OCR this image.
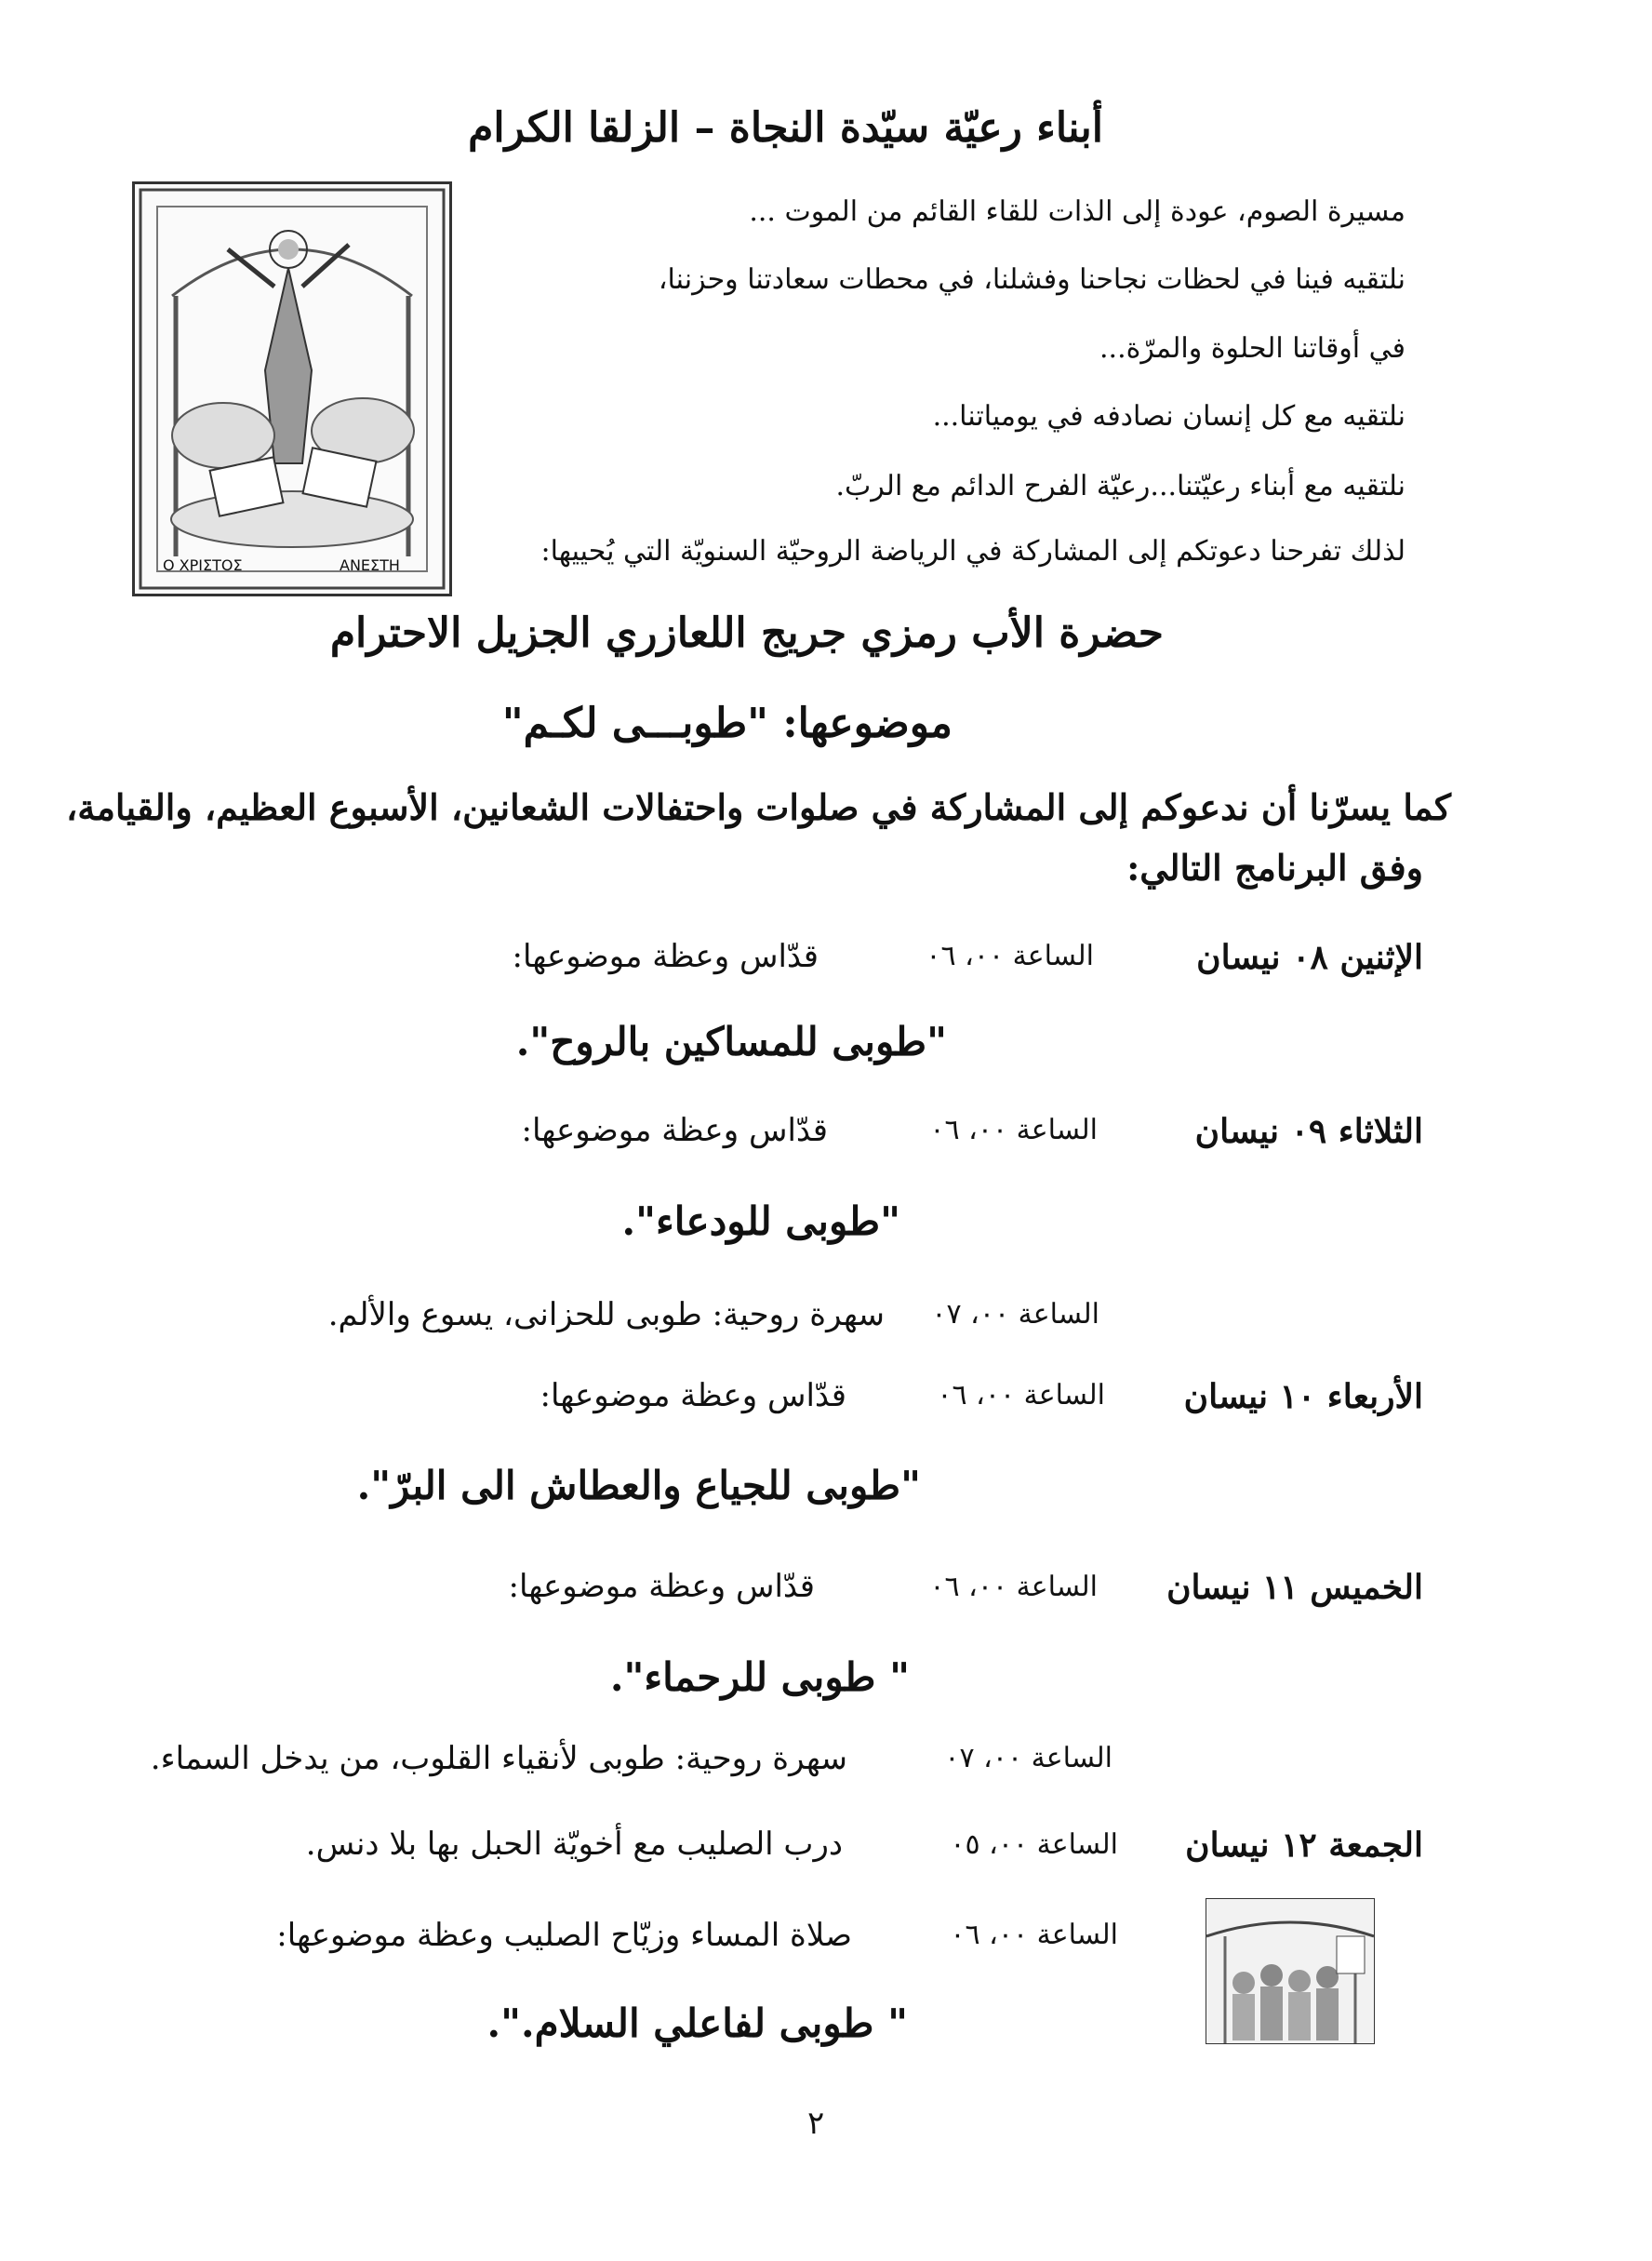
أبناء رعيّة سيّدة النجاة – الزلقا الكرام
Ο ΧΡΙΣΤΟΣ	ΑΝΕΣΤΗ
مسيرة الصوم، عودة إلى الذات للقاء القائم من الموت ...
نلتقيه فينا في لحظات نجاحنا وفشلنا، في محطات سعادتنا وحزننا،
في أوقاتنا الحلوة والمرّة...
نلتقيه مع كل إنسان نصادفه في يومياتنا...
نلتقيه مع أبناء رعيّتنا...رعيّة الفرح الدائم مع الربّ.
لذلك تفرحنا دعوتكم إلى المشاركة في الرياضة الروحيّة السنويّة التي يُحييها:
حضرة الأب رمزي جريج اللعازري الجزيل الاحترام
موضوعها: "طوبـــى لكـم"
كما يسرّنا أن ندعوكم إلى المشاركة في صلوات واحتفالات الشعانين، الأسبوع العظيم، والقيامة،
وفق البرنامج التالي:
الإثنين ٠٨ نيسان
الساعة ٠٠، ٠٦
قدّاس وعظة موضوعها:
"طوبى للمساكين بالروح".
الثلاثاء ٠٩ نيسان
الساعة ٠٠، ٠٦
قدّاس وعظة موضوعها:
"طوبى للودعاء".
الساعة ٠٠، ٠٧
سهرة روحية: طوبى للحزانى، يسوع والألم.
الأربعاء ١٠ نيسان
الساعة ٠٠، ٠٦
قدّاس وعظة موضوعها:
"طوبى للجياع والعطاش الى البرّ".
الخميس ١١ نيسان
الساعة ٠٠، ٠٦
قدّاس وعظة موضوعها:
" طوبى للرحماء".
الساعة ٠٠، ٠٧
سهرة روحية: طوبى لأنقياء القلوب، من يدخل السماء.
الجمعة ١٢ نيسان
الساعة ٠٠، ٠٥
درب الصليب مع أخويّة الحبل بها بلا دنس.
الساعة ٠٠، ٠٦
صلاة المساء وزيّاح الصليب وعظة موضوعها:
" طوبى لفاعلي السلام.".
٢
